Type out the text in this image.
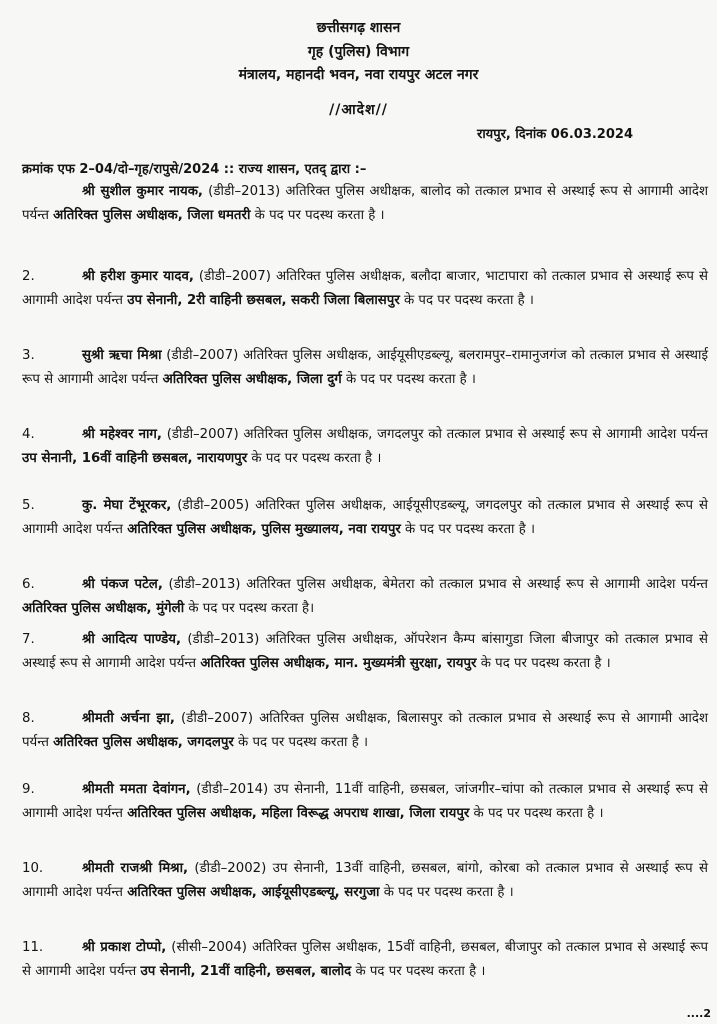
छत्तीसगढ़ शासन
गृह (पुलिस) विभाग
मंत्रालय, महानदी भवन, नवा रायपुर अटल नगर
//आदेश//
रायपुर, दिनांक 06.03.2024
क्रमांक एफ 2–04/दो–गृह/रापुसे/2024 :: राज्य शासन, एतद् द्वारा :–
श्री सुशील कुमार नायक, (डीडी–2013) अतिरिक्त पुलिस अधीक्षक, बालोद को तत्काल प्रभाव से अस्थाई रूप से आगामी आदेश पर्यन्त अतिरिक्त पुलिस अधीक्षक, जिला धमतरी के पद पर पदस्थ करता है ।
2.	श्री हरीश कुमार यादव, (डीडी–2007) अतिरिक्त पुलिस अधीक्षक, बलौदा बाजार, भाटापारा को तत्काल प्रभाव से अस्थाई रूप से आगामी आदेश पर्यन्त उप सेनानी, 2री वाहिनी छसबल, सकरी जिला बिलासपुर के पद पर पदस्थ करता है ।
3.	सुश्री ऋचा मिश्रा (डीडी–2007) अतिरिक्त पुलिस अधीक्षक, आईयूसीएडब्ल्यू, बलरामपुर–रामानुजगंज को तत्काल प्रभाव से अस्थाई रूप से आगामी आदेश पर्यन्त अतिरिक्त पुलिस अधीक्षक, जिला दुर्ग के पद पर पदस्थ करता है ।
4.	श्री महेश्वर नाग, (डीडी–2007) अतिरिक्त पुलिस अधीक्षक, जगदलपुर को तत्काल प्रभाव से अस्थाई रूप से आगामी आदेश पर्यन्त उप सेनानी, 16वीं वाहिनी छसबल, नारायणपुर के पद पर पदस्थ करता है ।
5.	कु. मेघा टेंभूरकर, (डीडी–2005) अतिरिक्त पुलिस अधीक्षक, आईयूसीएडब्ल्यू, जगदलपुर को तत्काल प्रभाव से अस्थाई रूप से आगामी आदेश पर्यन्त अतिरिक्त पुलिस अधीक्षक, पुलिस मुख्यालय, नवा रायपुर के पद पर पदस्थ करता है ।
6.	श्री पंकज पटेल, (डीडी–2013) अतिरिक्त पुलिस अधीक्षक, बेमेतरा को तत्काल प्रभाव से अस्थाई रूप से आगामी आदेश पर्यन्त अतिरिक्त पुलिस अधीक्षक, मुंगेली के पद पर पदस्थ करता है।
7.	श्री आदित्य पाण्डेय, (डीडी–2013) अतिरिक्त पुलिस अधीक्षक, ऑपरेशन कैम्प बांसागुडा जिला बीजापुर को तत्काल प्रभाव से अस्थाई रूप से आगामी आदेश पर्यन्त अतिरिक्त पुलिस अधीक्षक, मान. मुख्यमंत्री सुरक्षा, रायपुर के पद पर पदस्थ करता है ।
8.	श्रीमती अर्चना झा, (डीडी–2007) अतिरिक्त पुलिस अधीक्षक, बिलासपुर को तत्काल प्रभाव से अस्थाई रूप से आगामी आदेश पर्यन्त अतिरिक्त पुलिस अधीक्षक, जगदलपुर के पद पर पदस्थ करता है ।
9.	श्रीमती ममता देवांगन, (डीडी–2014) उप सेनानी, 11वीं वाहिनी, छसबल, जांजगीर–चांपा को तत्काल प्रभाव से अस्थाई रूप से आगामी आदेश पर्यन्त अतिरिक्त पुलिस अधीक्षक, महिला विरूद्ध अपराध शाखा, जिला रायपुर के पद पर पदस्थ करता है ।
10.	श्रीमती राजश्री मिश्रा, (डीडी–2002) उप सेनानी, 13वीं वाहिनी, छसबल, बांगो, कोरबा को तत्काल प्रभाव से अस्थाई रूप से आगामी आदेश पर्यन्त अतिरिक्त पुलिस अधीक्षक, आईयूसीएडब्ल्यू, सरगुजा के पद पर पदस्थ करता है ।
11.	श्री प्रकाश टोप्पो, (सीसी–2004) अतिरिक्त पुलिस अधीक्षक, 15वीं वाहिनी, छसबल, बीजापुर को तत्काल प्रभाव से अस्थाई रूप से आगामी आदेश पर्यन्त उप सेनानी, 21वीं वाहिनी, छसबल, बालोद के पद पर पदस्थ करता है ।
....2
